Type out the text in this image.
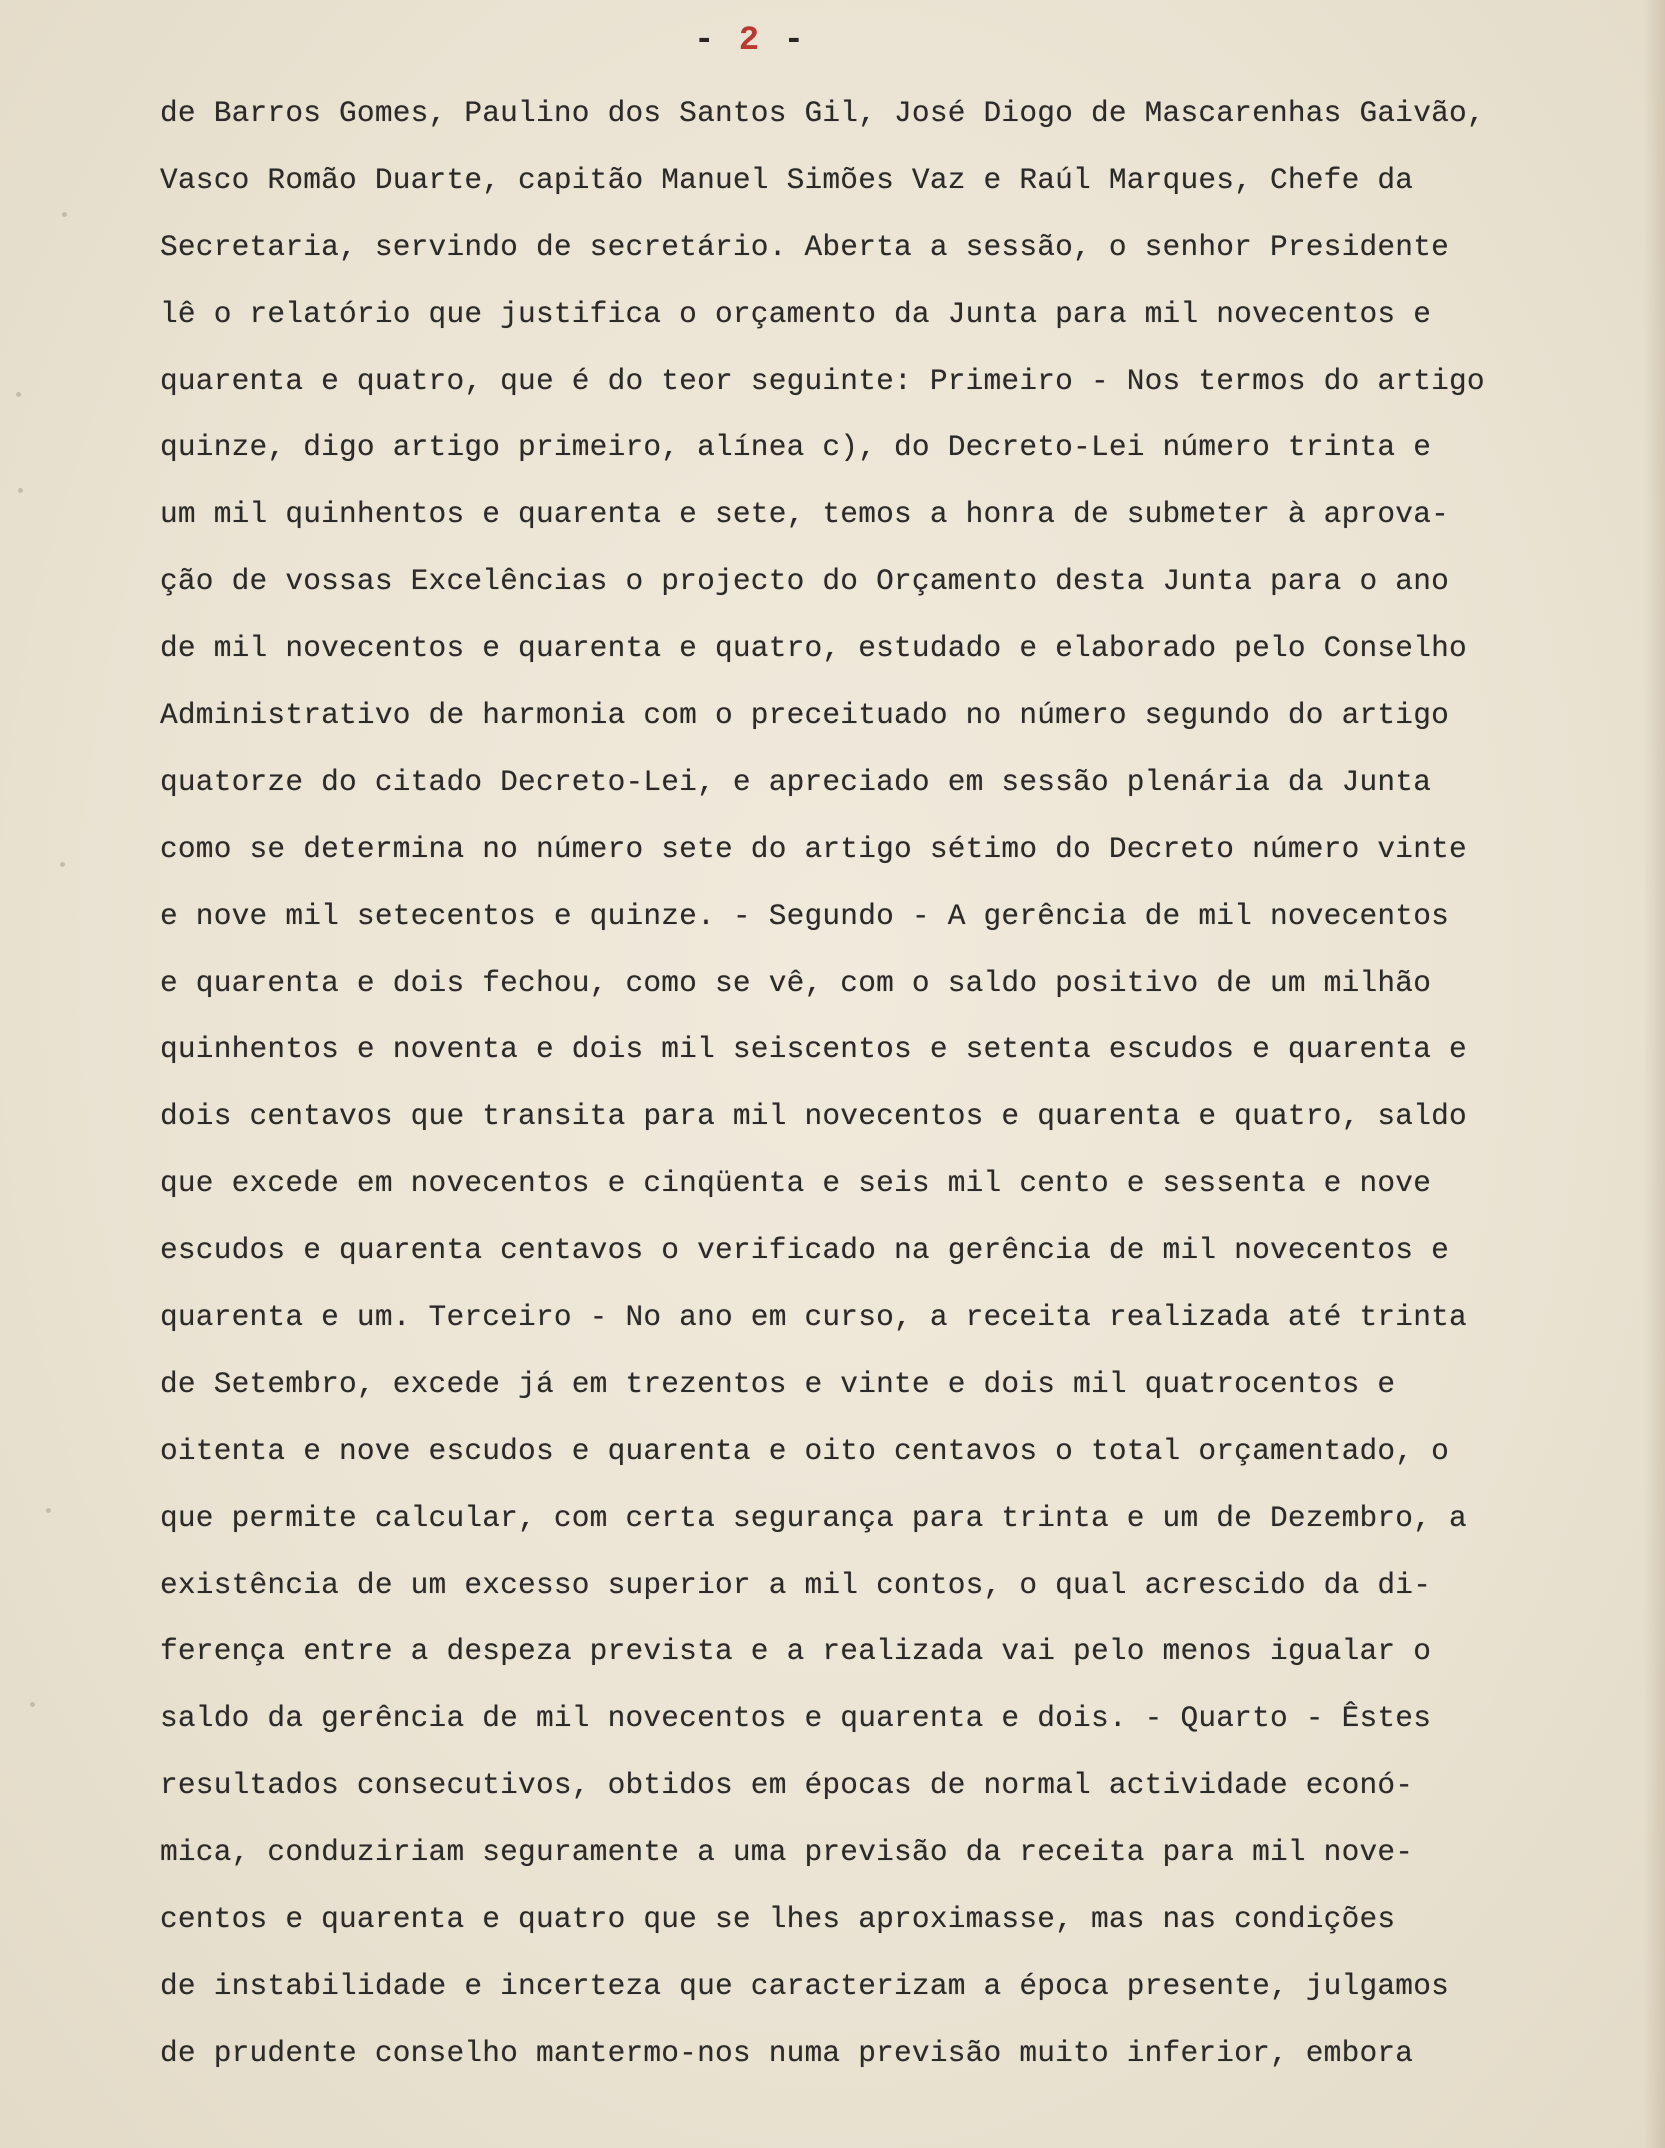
- 2 -
de Barros Gomes, Paulino dos Santos Gil, José Diogo de Mascarenhas Gaivão,
Vasco Romão Duarte, capitão Manuel Simões Vaz e Raúl Marques, Chefe da
Secretaria, servindo de secretário. Aberta a sessão, o senhor Presidente
lê o relatório que justifica o orçamento da Junta para mil novecentos e
quarenta e quatro, que é do teor seguinte: Primeiro - Nos termos do artigo
quinze, digo artigo primeiro, alínea c), do Decreto-Lei número trinta e
um mil quinhentos e quarenta e sete, temos a honra de submeter à aprova-
ção de vossas Excelências o projecto do Orçamento desta Junta para o ano
de mil novecentos e quarenta e quatro, estudado e elaborado pelo Conselho
Administrativo de harmonia com o preceituado no número segundo do artigo
quatorze do citado Decreto-Lei, e apreciado em sessão plenária da Junta
como se determina no número sete do artigo sétimo do Decreto número vinte
e nove mil setecentos e quinze. - Segundo - A gerência de mil novecentos
e quarenta e dois fechou, como se vê, com o saldo positivo de um milhão
quinhentos e noventa e dois mil seiscentos e setenta escudos e quarenta e
dois centavos que transita para mil novecentos e quarenta e quatro, saldo
que excede em novecentos e cinqüenta e seis mil cento e sessenta e nove
escudos e quarenta centavos o verificado na gerência de mil novecentos e
quarenta e um. Terceiro - No ano em curso, a receita realizada até trinta
de Setembro, excede já em trezentos e vinte e dois mil quatrocentos e
oitenta e nove escudos e quarenta e oito centavos o total orçamentado, o
que permite calcular, com certa segurança para trinta e um de Dezembro, a
existência de um excesso superior a mil contos, o qual acrescido da di-
ferença entre a despeza prevista e a realizada vai pelo menos igualar o
saldo da gerência de mil novecentos e quarenta e dois. - Quarto - Êstes
resultados consecutivos, obtidos em épocas de normal actividade econó-
mica, conduziriam seguramente a uma previsão da receita para mil nove-
centos e quarenta e quatro que se lhes aproximasse, mas nas condições
de instabilidade e incerteza que caracterizam a época presente, julgamos
de prudente conselho mantermo-nos numa previsão muito inferior, embora
